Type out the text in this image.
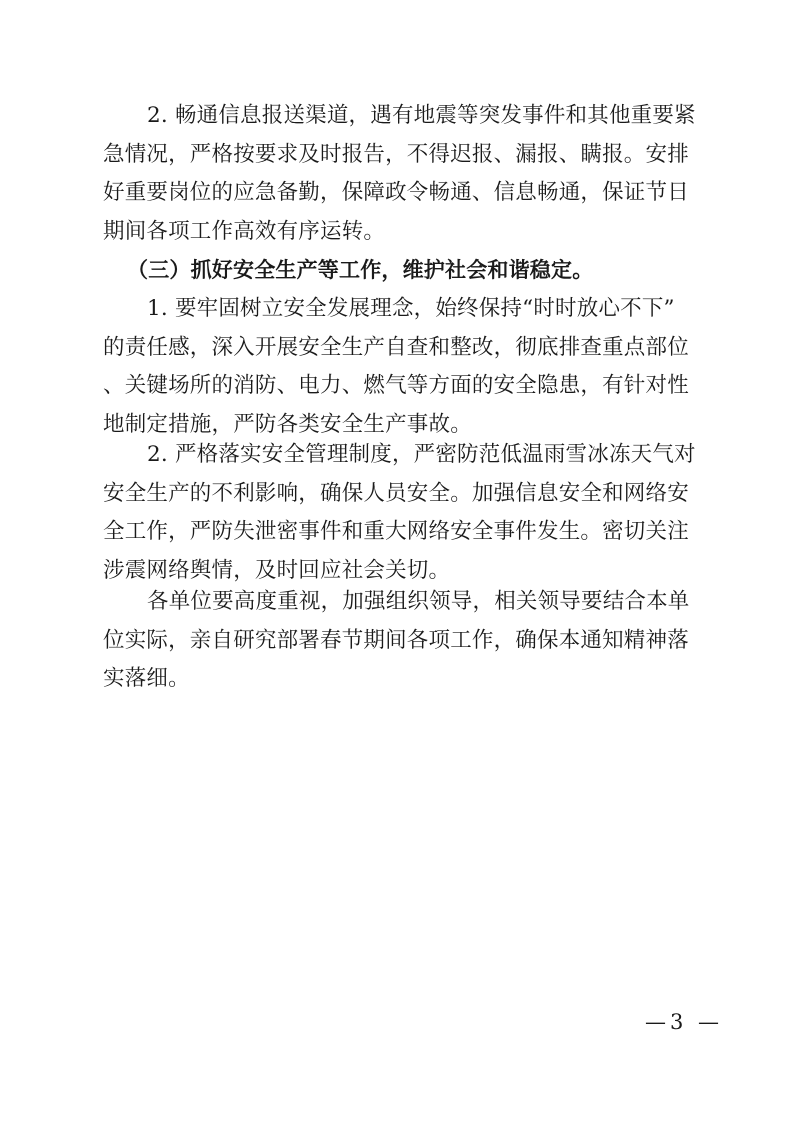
2. 畅通信息报送渠道，遇有地震等突发事件和其他重要紧
急情况，严格按要求及时报告，不得迟报、漏报、瞒报。安排
好重要岗位的应急备勤，保障政令畅通、信息畅通，保证节日
期间各项工作高效有序运转。
（三）抓好安全生产等工作，维护社会和谐稳定。
1. 要牢固树立安全发展理念，始终保持“时时放心不下”
的责任感，深入开展安全生产自查和整改，彻底排查重点部位
、关键场所的消防、电力、燃气等方面的安全隐患，有针对性
地制定措施，严防各类安全生产事故。
2. 严格落实安全管理制度，严密防范低温雨雪冰冻天气对
安全生产的不利影响，确保人员安全。加强信息安全和网络安
全工作，严防失泄密事件和重大网络安全事件发生。密切关注
涉震网络舆情，及时回应社会关切。
各单位要高度重视，加强组织领导，相关领导要结合本单
位实际，亲自研究部署春节期间各项工作，确保本通知精神落
实落细。
—3 —
